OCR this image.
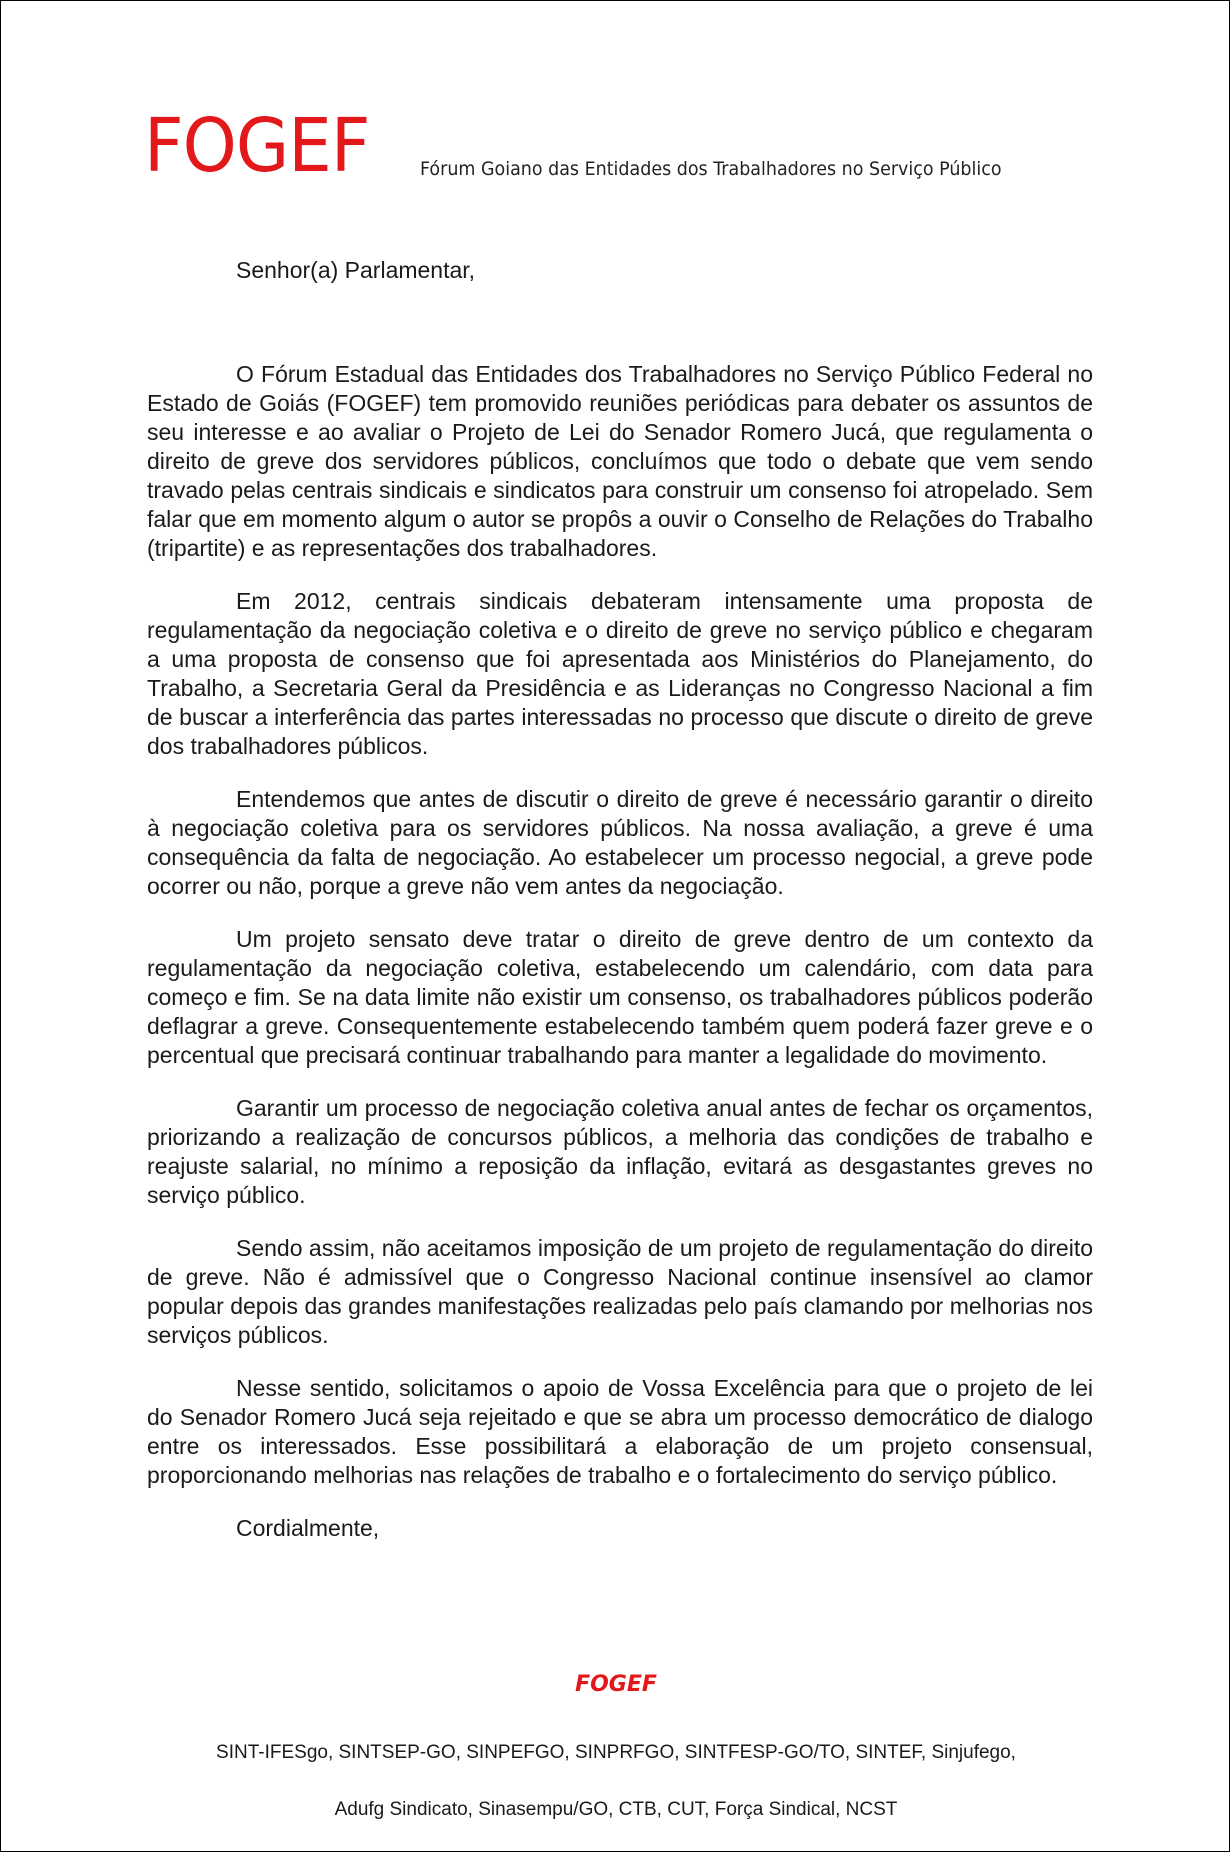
FOGEF	Fórum Goiano das Entidades dos Trabalhadores no Serviço Público

Senhor(a) Parlamentar,

O Fórum Estadual das Entidades dos Trabalhadores no Serviço Público Federal no Estado de Goiás (FOGEF) tem promovido reuniões periódicas para debater os assuntos de seu interesse e ao avaliar o Projeto de Lei do Senador Romero Jucá, que regulamenta o direito de greve dos servidores públicos, concluímos que todo o debate que vem sendo travado pelas centrais sindicais e sindicatos para construir um consenso foi atropelado. Sem falar que em momento algum o autor se propôs a ouvir o Conselho de Relações do Trabalho (tripartite) e as representações dos trabalhadores.

Em 2012, centrais sindicais debateram intensamente uma proposta de regulamentação da negociação coletiva e o direito de greve no serviço público e chegaram a uma proposta de consenso que foi apresentada aos Ministérios do Planejamento, do Trabalho, a Secretaria Geral da Presidência e as Lideranças no Congresso Nacional a fim de buscar a interferência das partes interessadas no processo que discute o direito de greve dos trabalhadores públicos.

Entendemos que antes de discutir o direito de greve é necessário garantir o direito à negociação coletiva para os servidores públicos. Na nossa avaliação, a greve é uma consequência da falta de negociação. Ao estabelecer um processo negocial, a greve pode ocorrer ou não, porque a greve não vem antes da negociação.

Um projeto sensato deve tratar o direito de greve dentro de um contexto da regulamentação da negociação coletiva, estabelecendo um calendário, com data para começo e fim. Se na data limite não existir um consenso, os trabalhadores públicos poderão deflagrar a greve. Consequentemente estabelecendo também quem poderá fazer greve e o percentual que precisará continuar trabalhando para manter a legalidade do movimento.

Garantir um processo de negociação coletiva anual antes de fechar os orçamentos, priorizando a realização de concursos públicos, a melhoria das condições de trabalho e reajuste salarial, no mínimo a reposição da inflação, evitará as desgastantes greves no serviço público.

Sendo assim, não aceitamos imposição de um projeto de regulamentação do direito de greve. Não é admissível que o Congresso Nacional continue insensível ao clamor popular depois das grandes manifestações realizadas pelo país clamando por melhorias nos serviços públicos.

Nesse sentido, solicitamos o apoio de Vossa Excelência para que o projeto de lei do Senador Romero Jucá seja rejeitado e que se abra um processo democrático de dialogo entre os interessados. Esse possibilitará a elaboração de um projeto consensual, proporcionando melhorias nas relações de trabalho e o fortalecimento do serviço público.

Cordialmente,

FOGEF
SINT-IFESgo, SINTSEP-GO, SINPEFGO, SINPRFGO, SINTFESP-GO/TO, SINTEF, Sinjufego,
Adufg Sindicato, Sinasempu/GO, CTB, CUT, Força Sindical, NCST
